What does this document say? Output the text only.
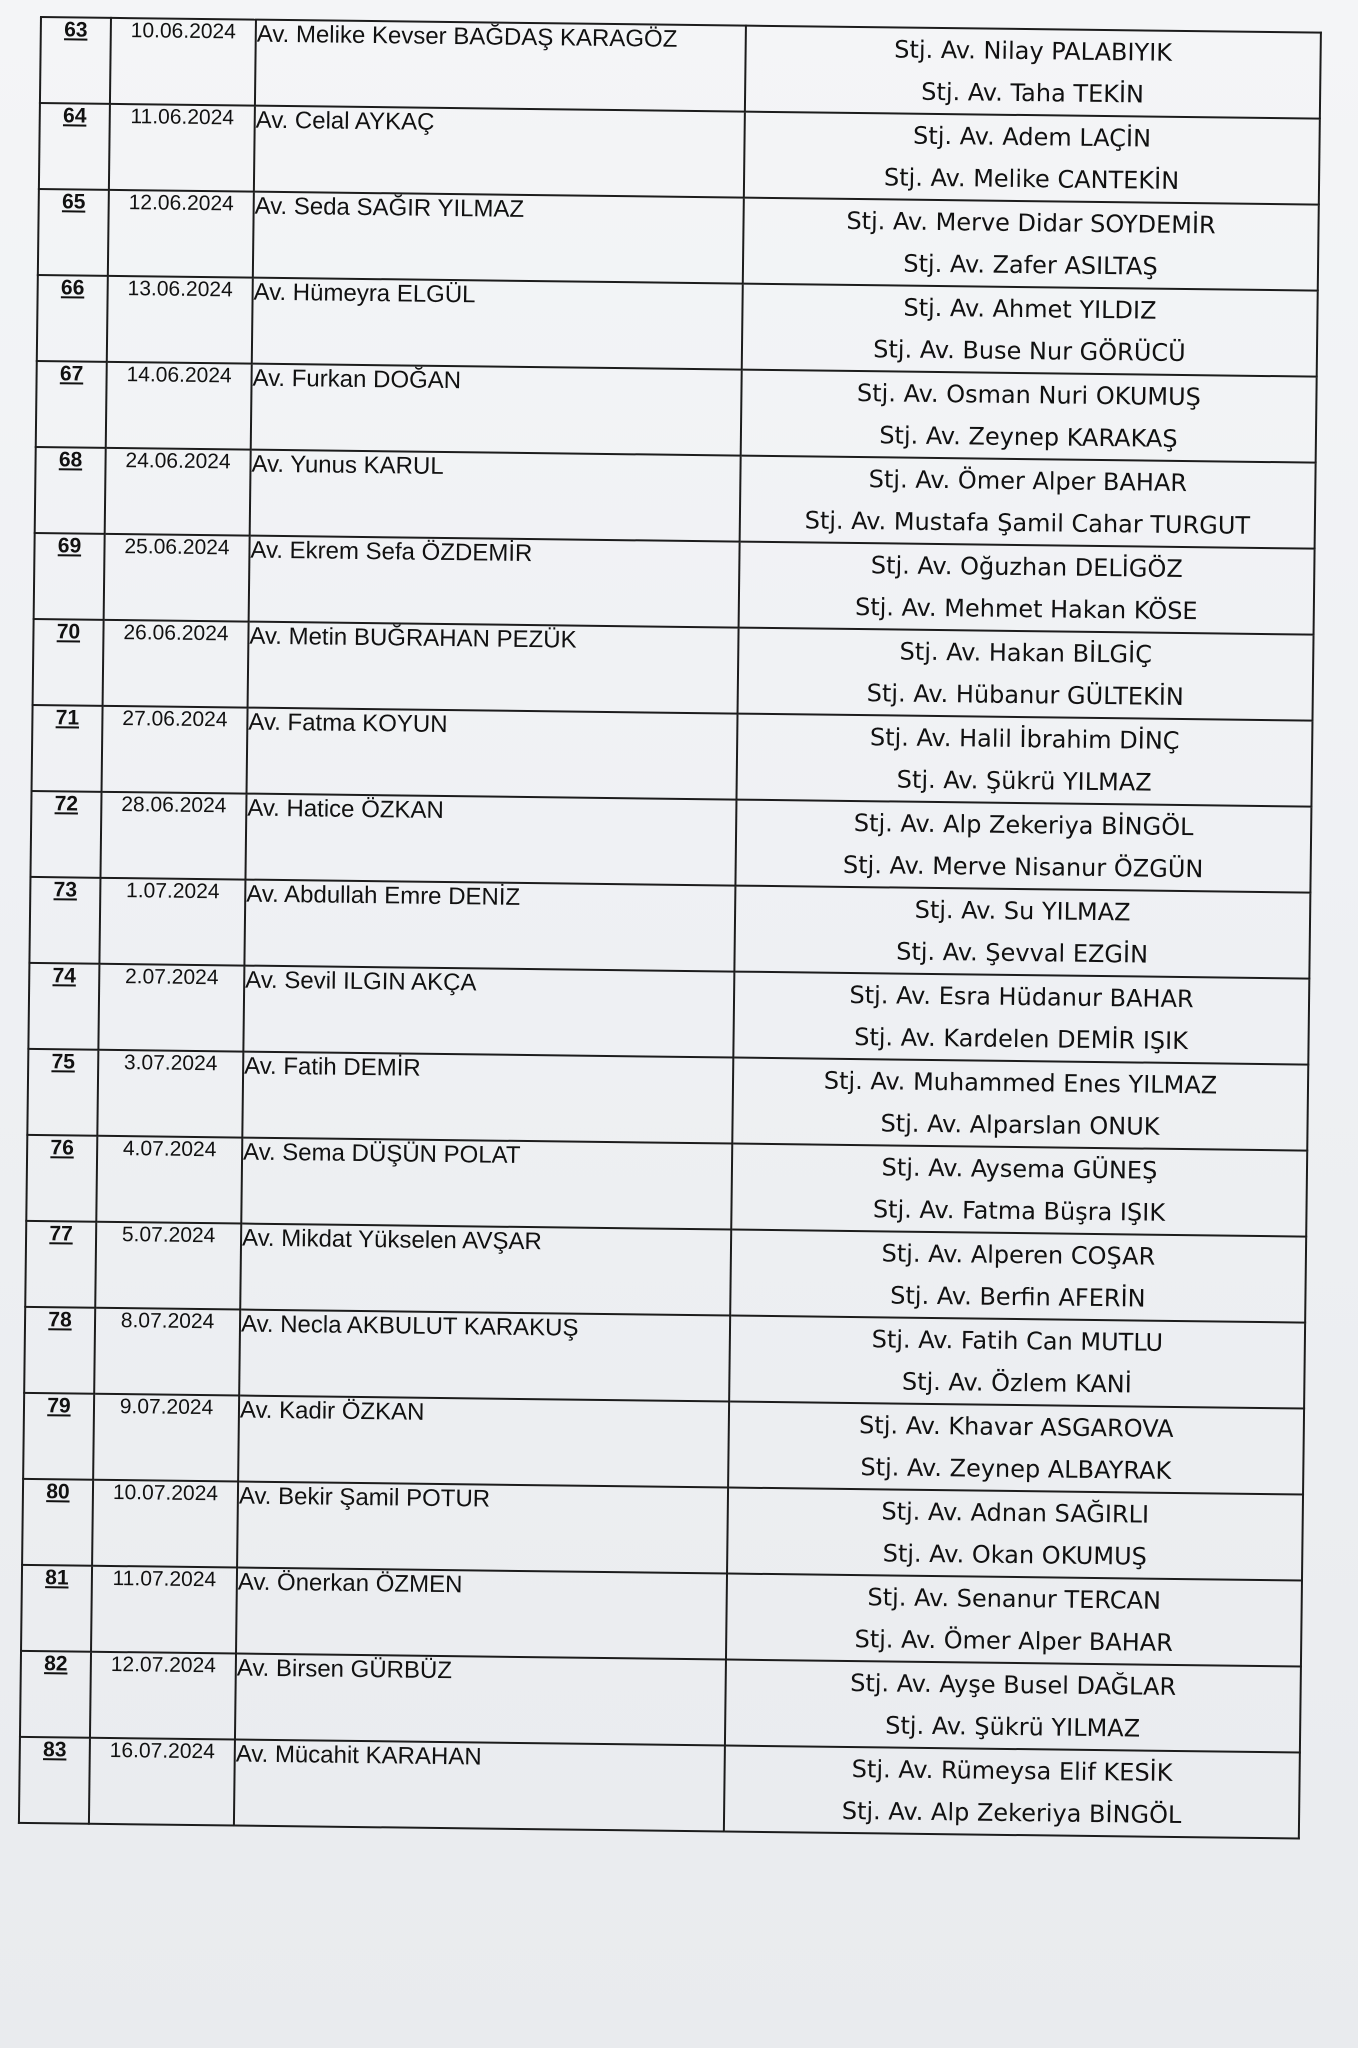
63	10.06.2024	Av. Melike Kevser BAĞDAŞ KARAGÖZ	Stj. Av. Nilay PALABIYIK
Stj. Av. Taha TEKİN

64	11.06.2024	Av. Celal AYKAÇ	Stj. Av. Adem LAÇİN
Stj. Av. Melike CANTEKİN

65	12.06.2024	Av. Seda SAĞIR YILMAZ	Stj. Av. Merve Didar SOYDEMİR
Stj. Av. Zafer ASILTAŞ

66	13.06.2024	Av. Hümeyra ELGÜL	Stj. Av. Ahmet YILDIZ
Stj. Av. Buse Nur GÖRÜCÜ

67	14.06.2024	Av. Furkan DOĞAN	Stj. Av. Osman Nuri OKUMUŞ
Stj. Av. Zeynep KARAKAŞ

68	24.06.2024	Av. Yunus KARUL	Stj. Av. Ömer Alper BAHAR
Stj. Av. Mustafa Şamil Cahar TURGUT

69	25.06.2024	Av. Ekrem Sefa ÖZDEMİR	Stj. Av. Oğuzhan DELİGÖZ
Stj. Av. Mehmet Hakan KÖSE

70	26.06.2024	Av. Metin BUĞRAHAN PEZÜK	Stj. Av. Hakan BİLGİÇ
Stj. Av. Hübanur GÜLTEKİN

71	27.06.2024	Av. Fatma KOYUN	Stj. Av. Halil İbrahim DİNÇ
Stj. Av. Şükrü YILMAZ

72	28.06.2024	Av. Hatice ÖZKAN	Stj. Av. Alp Zekeriya BİNGÖL
Stj. Av. Merve Nisanur ÖZGÜN

73	1.07.2024	Av. Abdullah Emre DENİZ	Stj. Av. Su YILMAZ
Stj. Av. Şevval EZGİN

74	2.07.2024	Av. Sevil ILGIN AKÇA	Stj. Av. Esra Hüdanur BAHAR
Stj. Av. Kardelen DEMİR IŞIK

75	3.07.2024	Av. Fatih DEMİR	Stj. Av. Muhammed Enes YILMAZ
Stj. Av. Alparslan ONUK

76	4.07.2024	Av. Sema DÜŞÜN POLAT	Stj. Av. Aysema GÜNEŞ
Stj. Av. Fatma Büşra IŞIK

77	5.07.2024	Av. Mikdat Yükselen AVŞAR	Stj. Av. Alperen COŞAR
Stj. Av. Berfin AFERİN

78	8.07.2024	Av. Necla AKBULUT KARAKUŞ	Stj. Av. Fatih Can MUTLU
Stj. Av. Özlem KANİ

79	9.07.2024	Av. Kadir ÖZKAN	Stj. Av. Khavar ASGAROVA
Stj. Av. Zeynep ALBAYRAK

80	10.07.2024	Av. Bekir Şamil POTUR	Stj. Av. Adnan SAĞIRLI
Stj. Av. Okan OKUMUŞ

81	11.07.2024	Av. Önerkan ÖZMEN	Stj. Av. Senanur TERCAN
Stj. Av. Ömer Alper BAHAR

82	12.07.2024	Av. Birsen GÜRBÜZ	Stj. Av. Ayşe Busel DAĞLAR
Stj. Av. Şükrü YILMAZ

83	16.07.2024	Av. Mücahit KARAHAN	Stj. Av. Rümeysa Elif KESİK
Stj. Av. Alp Zekeriya BİNGÖL
